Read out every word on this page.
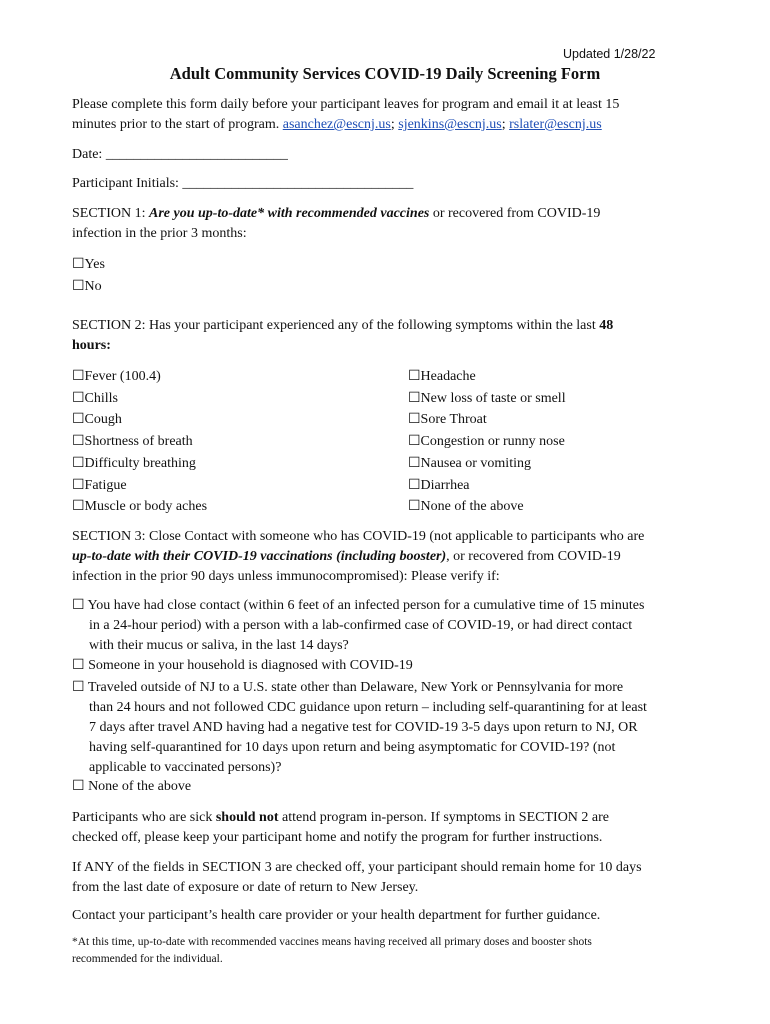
Updated 1/28/22
Adult Community Services COVID-19 Daily Screening Form
Please complete this form daily before your participant leaves for program and email it at least 15
minutes prior to the start of program. asanchez@escnj.us; sjenkins@escnj.us; rslater@escnj.us
Date: __________________________
Participant Initials: _________________________________
SECTION 1: Are you up-to-date* with recommended vaccines or recovered from COVID-19
infection in the prior 3 months:
☐Yes
☐No
SECTION 2: Has your participant experienced any of the following symptoms within the last 48
hours:
☐Fever (100.4)
☐Chills
☐Cough
☐Shortness of breath
☐Difficulty breathing
☐Fatigue
☐Muscle or body aches
☐Headache
☐New loss of taste or smell
☐Sore Throat
☐Congestion or runny nose
☐Nausea or vomiting
☐Diarrhea
☐None of the above
SECTION 3: Close Contact with someone who has COVID-19 (not applicable to participants who are
up-to-date with their COVID-19 vaccinations (including booster), or recovered from COVID-19
infection in the prior 90 days unless immunocompromised): Please verify if:
☐ You have had close contact (within 6 feet of an infected person for a cumulative time of 15 minutes
in a 24-hour period) with a person with a lab-confirmed case of COVID-19, or had direct contact
with their mucus or saliva, in the last 14 days?
☐ Someone in your household is diagnosed with COVID-19
☐ Traveled outside of NJ to a U.S. state other than Delaware, New York or Pennsylvania for more
than 24 hours and not followed CDC guidance upon return – including self-quarantining for at least
7 days after travel AND having had a negative test for COVID-19 3-5 days upon return to NJ, OR
having self-quarantined for 10 days upon return and being asymptomatic for COVID-19? (not
applicable to vaccinated persons)?
☐ None of the above
Participants who are sick should not attend program in-person. If symptoms in SECTION 2 are
checked off, please keep your participant home and notify the program for further instructions.
If ANY of the fields in SECTION 3 are checked off, your participant should remain home for 10 days
from the last date of exposure or date of return to New Jersey.
Contact your participant’s health care provider or your health department for further guidance.
*At this time, up-to-date with recommended vaccines means having received all primary doses and booster shots
recommended for the individual.
